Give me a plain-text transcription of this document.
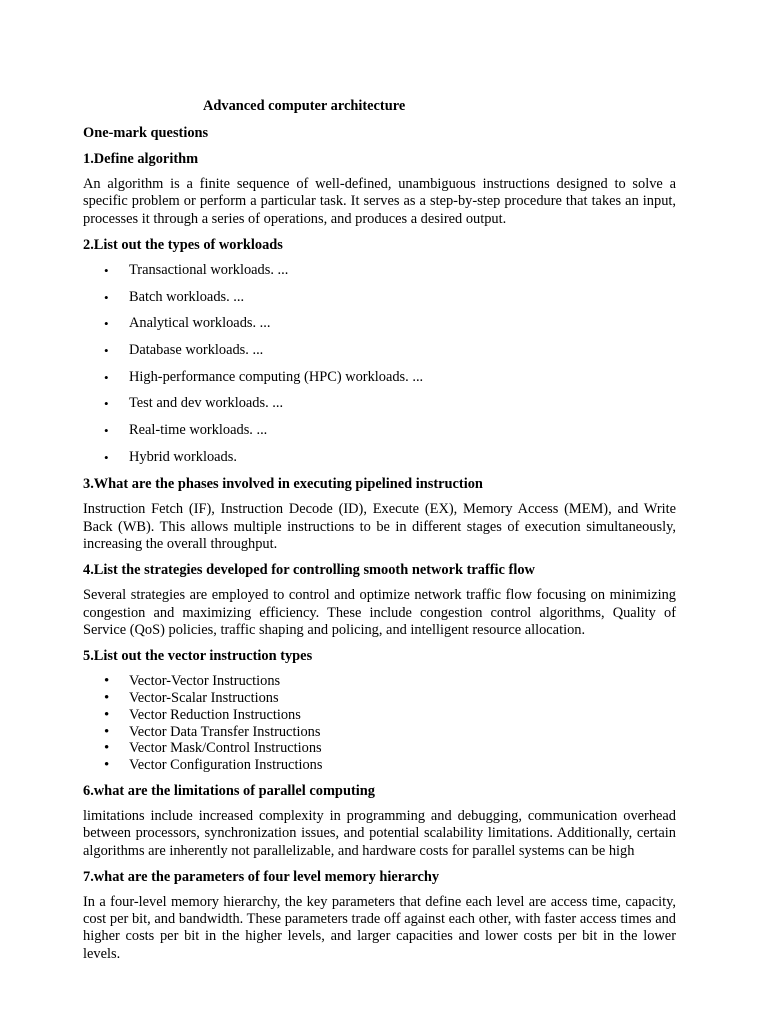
Advanced computer architecture
One-mark questions
1.Define algorithm

An algorithm is a finite sequence of well-defined, unambiguous instructions designed to solve a specific problem or perform a particular task. It serves as a step-by-step procedure that takes an input, processes it through a series of operations, and produces a desired output.

2.List out the types of workloads
• Transactional workloads. ...
• Batch workloads. ...
• Analytical workloads. ...
• Database workloads. ...
• High-performance computing (HPC) workloads. ...
• Test and dev workloads. ...
• Real-time workloads. ...
• Hybrid workloads.
3.What are the phases involved in executing pipelined instruction

Instruction Fetch (IF), Instruction Decode (ID), Execute (EX), Memory Access (MEM), and Write Back (WB). This allows multiple instructions to be in different stages of execution simultaneously, increasing the overall throughput.

4.List the strategies developed for controlling smooth network traffic flow

Several strategies are employed to control and optimize network traffic flow focusing on minimizing congestion and maximizing efficiency. These include congestion control algorithms, Quality of Service (QoS) policies, traffic shaping and policing, and intelligent resource allocation.

5.List out the vector instruction types
• Vector-Vector Instructions
• Vector-Scalar Instructions
• Vector Reduction Instructions
• Vector Data Transfer Instructions
• Vector Mask/Control Instructions
• Vector Configuration Instructions
6.what are the limitations of parallel computing

limitations include increased complexity in programming and debugging, communication overhead between processors, synchronization issues, and potential scalability limitations. Additionally, certain algorithms are inherently not parallelizable, and hardware costs for parallel systems can be high

7.what are the parameters of four level memory hierarchy

In a four-level memory hierarchy, the key parameters that define each level are access time, capacity, cost per bit, and bandwidth. These parameters trade off against each other, with faster access times and higher costs per bit in the higher levels, and larger capacities and lower costs per bit in the lower levels.
